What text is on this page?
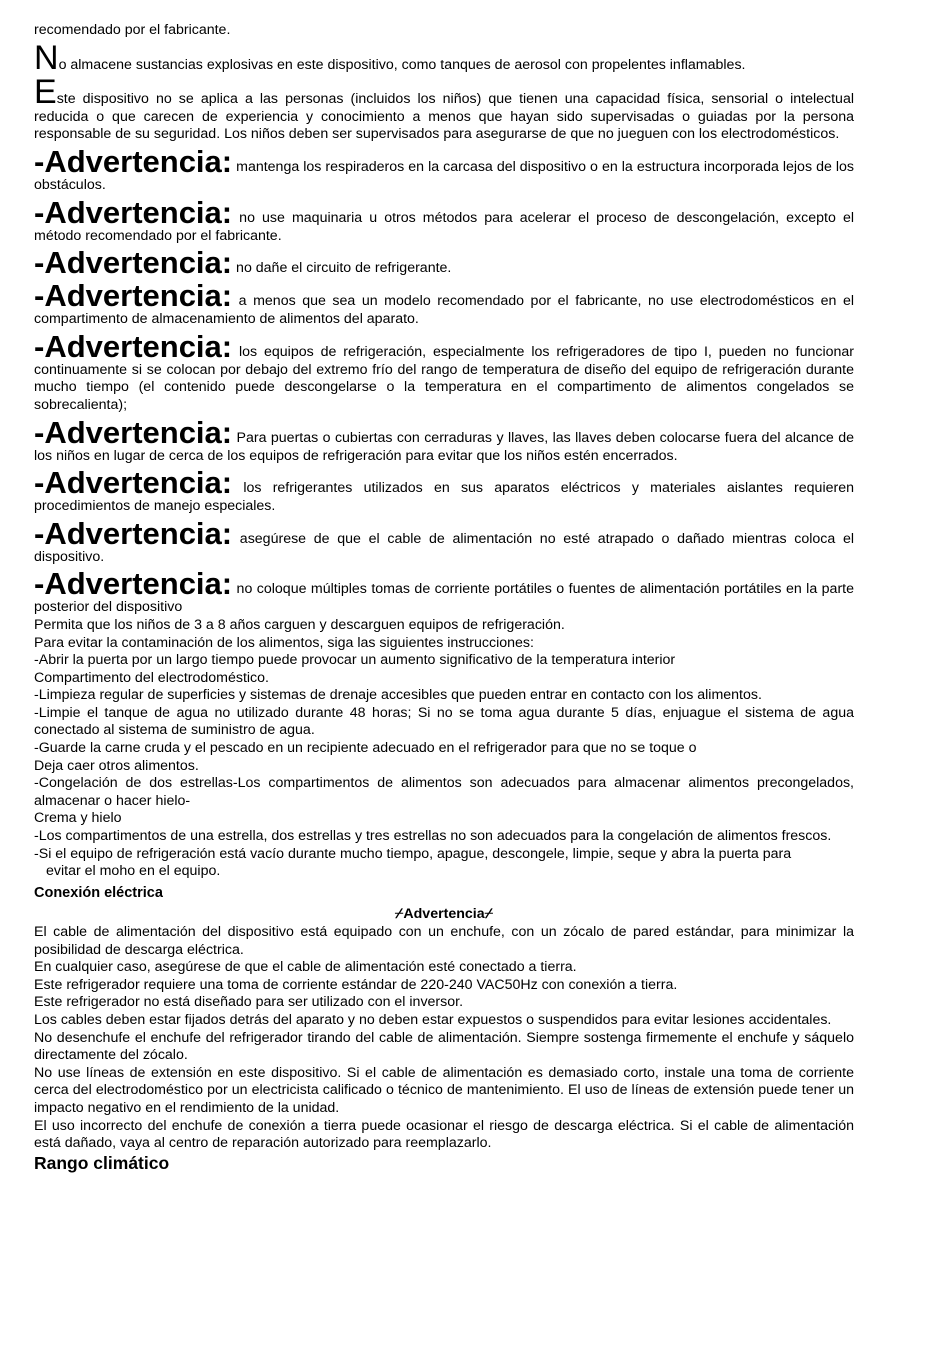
recomendado por el fabricante.

No almacene sustancias explosivas en este dispositivo, como tanques de aerosol con propelentes inflamables.

Este dispositivo no se aplica a las personas (incluidos los niños) que tienen una capacidad física, sensorial o intelectual reducida o que carecen de experiencia y conocimiento a menos que hayan sido supervisadas o guiadas por la persona responsable de su seguridad. Los niños deben ser supervisados para asegurarse de que no jueguen con los electrodomésticos.

-Advertencia: mantenga los respiraderos en la carcasa del dispositivo o en la estructura incorporada lejos de los obstáculos.

-Advertencia: no use maquinaria u otros métodos para acelerar el proceso de descongelación, excepto el método recomendado por el fabricante.

-Advertencia: no dañe el circuito de refrigerante.

-Advertencia: a menos que sea un modelo recomendado por el fabricante, no use electrodomésticos en el compartimento de almacenamiento de alimentos del aparato.

-Advertencia: los equipos de refrigeración, especialmente los refrigeradores de tipo I, pueden no funcionar continuamente si se colocan por debajo del extremo frío del rango de temperatura de diseño del equipo de refrigeración durante mucho tiempo (el contenido puede descongelarse o la temperatura en el compartimento de alimentos congelados se sobrecalienta);

-Advertencia: Para puertas o cubiertas con cerraduras y llaves, las llaves deben colocarse fuera del alcance de los niños en lugar de cerca de los equipos de refrigeración para evitar que los niños estén encerrados.

-Advertencia: los refrigerantes utilizados en sus aparatos eléctricos y materiales aislantes requieren procedimientos de manejo especiales.

-Advertencia: asegúrese de que el cable de alimentación no esté atrapado o dañado mientras coloca el dispositivo.

-Advertencia: no coloque múltiples tomas de corriente portátiles o fuentes de alimentación portátiles en la parte posterior del dispositivo

Permita que los niños de 3 a 8 años carguen y descarguen equipos de refrigeración.

Para evitar la contaminación de los alimentos, siga las siguientes instrucciones:

-Abrir la puerta por un largo tiempo puede provocar un aumento significativo de la temperatura interior

Compartimento del electrodoméstico.

-Limpieza regular de superficies y sistemas de drenaje accesibles que pueden entrar en contacto con los alimentos.

-Limpie el tanque de agua no utilizado durante 48 horas; Si no se toma agua durante 5 días, enjuague el sistema de agua conectado al sistema de suministro de agua.

-Guarde la carne cruda y el pescado en un recipiente adecuado en el refrigerador para que no se toque o

Deja caer otros alimentos.

-Congelación de dos estrellas-Los compartimentos de alimentos son adecuados para almacenar alimentos precongelados, almacenar o hacer hielo-

Crema y hielo

-Los compartimentos de una estrella, dos estrellas y tres estrellas no son adecuados para la congelación de alimentos frescos.

-Si el equipo de refrigeración está vacío durante mucho tiempo, apague, descongele, limpie, seque y abra la puerta para

evitar el moho en el equipo.

Conexión eléctrica

⌿Advertencia⌿

El cable de alimentación del dispositivo está equipado con un enchufe, con un zócalo de pared estándar, para minimizar la posibilidad de descarga eléctrica.

En cualquier caso, asegúrese de que el cable de alimentación esté conectado a tierra.

Este refrigerador requiere una toma de corriente estándar de 220-240 VAC50Hz con conexión a tierra.

Este refrigerador no está diseñado para ser utilizado con el inversor.

Los cables deben estar fijados detrás del aparato y no deben estar expuestos o suspendidos para evitar lesiones accidentales.

No desenchufe el enchufe del refrigerador tirando del cable de alimentación. Siempre sostenga firmemente el enchufe y sáquelo directamente del zócalo.

No use líneas de extensión en este dispositivo. Si el cable de alimentación es demasiado corto, instale una toma de corriente cerca del electrodoméstico por un electricista calificado o técnico de mantenimiento. El uso de líneas de extensión puede tener un impacto negativo en el rendimiento de la unidad.

El uso incorrecto del enchufe de conexión a tierra puede ocasionar el riesgo de descarga eléctrica. Si el cable de alimentación está dañado, vaya al centro de reparación autorizado para reemplazarlo.

Rango climático
